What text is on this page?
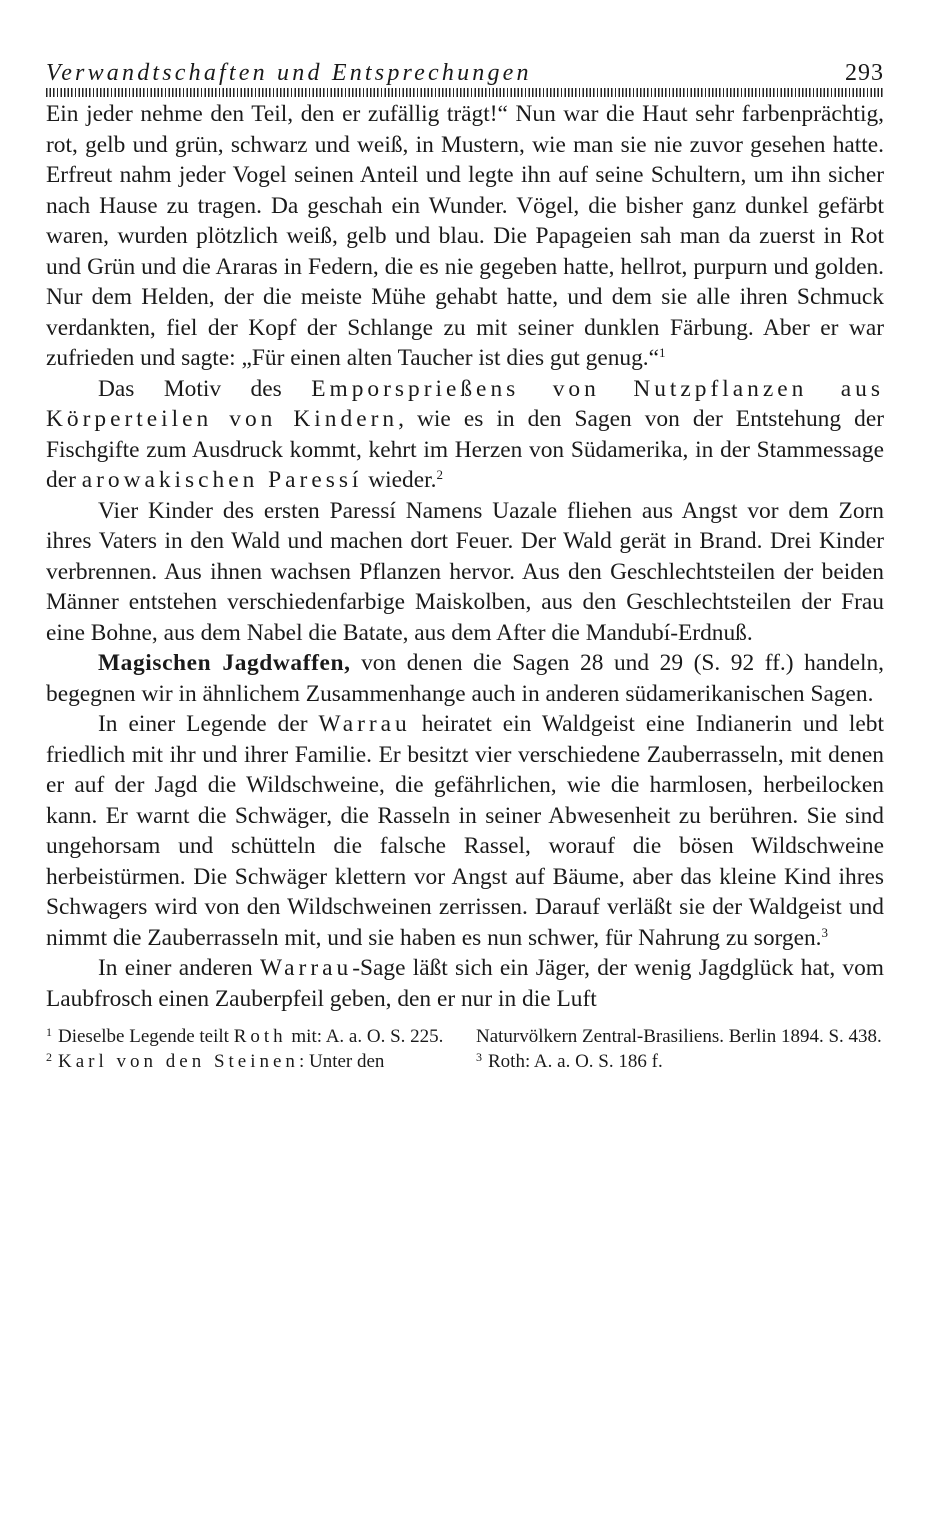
Verwandtschaften und Entsprechungen	293

Ein jeder nehme den Teil, den er zufällig trägt!“ Nun war die Haut sehr farbenprächtig, rot, gelb und grün, schwarz und weiß, in Mustern, wie man sie nie zuvor gesehen hatte. Erfreut nahm jeder Vogel seinen Anteil und legte ihn auf seine Schultern, um ihn sicher nach Hause zu tragen. Da geschah ein Wunder. Vögel, die bisher ganz dunkel gefärbt waren, wurden plötzlich weiß, gelb und blau. Die Papageien sah man da zuerst in Rot und Grün und die Araras in Federn, die es nie gegeben hatte, hellrot, purpurn und golden. Nur dem Helden, der die meiste Mühe gehabt hatte, und dem sie alle ihren Schmuck verdankten, fiel der Kopf der Schlange zu mit seiner dunklen Färbung. Aber er war zufrieden und sagte: „Für einen alten Taucher ist dies gut genug.“$^1$

Das Motiv des Emporsprießens von Nutzpflanzen aus Körperteilen von Kindern, wie es in den Sagen von der Entstehung der Fischgifte zum Ausdruck kommt, kehrt im Herzen von Südamerika, in der Stammessage der arowakischen Paressí wieder.$^2$

Vier Kinder des ersten Paressí Namens Uazale fliehen aus Angst vor dem Zorn ihres Vaters in den Wald und machen dort Feuer. Der Wald gerät in Brand. Drei Kinder verbrennen. Aus ihnen wachsen Pflanzen hervor. Aus den Geschlechtsteilen der beiden Männer entstehen verschiedenfarbige Maiskolben, aus den Geschlechtsteilen der Frau eine Bohne, aus dem Nabel die Batate, aus dem After die Mandubí-Erdnuß.

Magischen Jagdwaffen, von denen die Sagen 28 und 29 (S. 92 ff.) handeln, begegnen wir in ähnlichem Zusammenhange auch in anderen südamerikanischen Sagen.

In einer Legende der Warrau heiratet ein Waldgeist eine Indianerin und lebt friedlich mit ihr und ihrer Familie. Er besitzt vier verschiedene Zauberrasseln, mit denen er auf der Jagd die Wildschweine, die gefährlichen, wie die harmlosen, herbeilocken kann. Er warnt die Schwäger, die Rasseln in seiner Abwesenheit zu berühren. Sie sind ungehorsam und schütteln die falsche Rassel, worauf die bösen Wildschweine herbeistürmen. Die Schwäger klettern vor Angst auf Bäume, aber das kleine Kind ihres Schwagers wird von den Wildschweinen zerrissen. Darauf verläßt sie der Waldgeist und nimmt die Zauberrasseln mit, und sie haben es nun schwer, für Nahrung zu sorgen.$^3$

In einer anderen Warrau-Sage läßt sich ein Jäger, der wenig Jagdglück hat, vom Laubfrosch einen Zauberpfeil geben, den er nur in die Luft

$^1$ Dieselbe Legende teilt Roth mit: A. a. O. S. 225.

$^2$ Karl von den Steinen: Unter den

Naturvölkern Zentral-Brasiliens. Berlin 1894. S. 438.

$^3$ Roth: A. a. O. S. 186 f.
